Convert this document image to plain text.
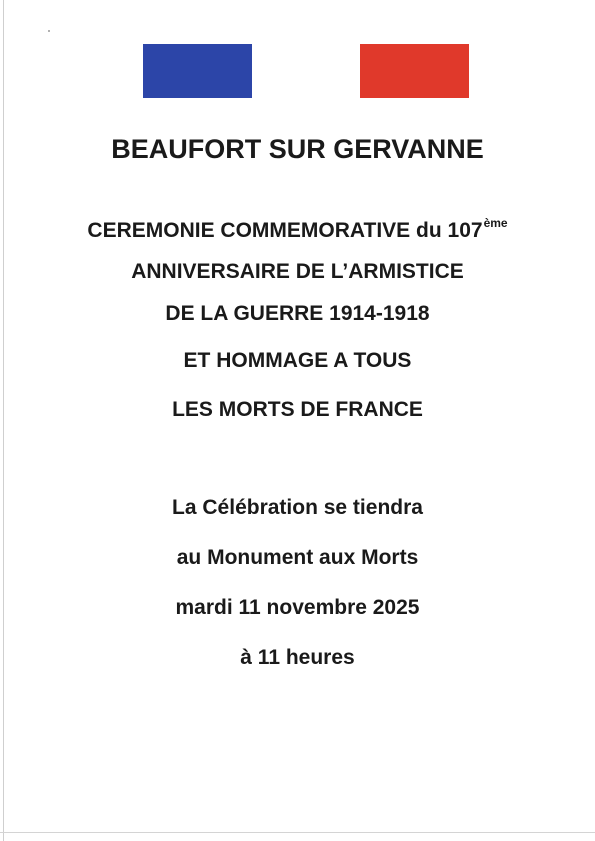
BEAUFORT SUR GERVANNE
CEREMONIE COMMEMORATIVE du 107ème
ANNIVERSAIRE DE L’ARMISTICE
DE LA GUERRE 1914-1918
ET HOMMAGE A TOUS
LES MORTS DE FRANCE
La Célébration se tiendra
au Monument aux Morts
mardi 11 novembre 2025
à 11 heures
